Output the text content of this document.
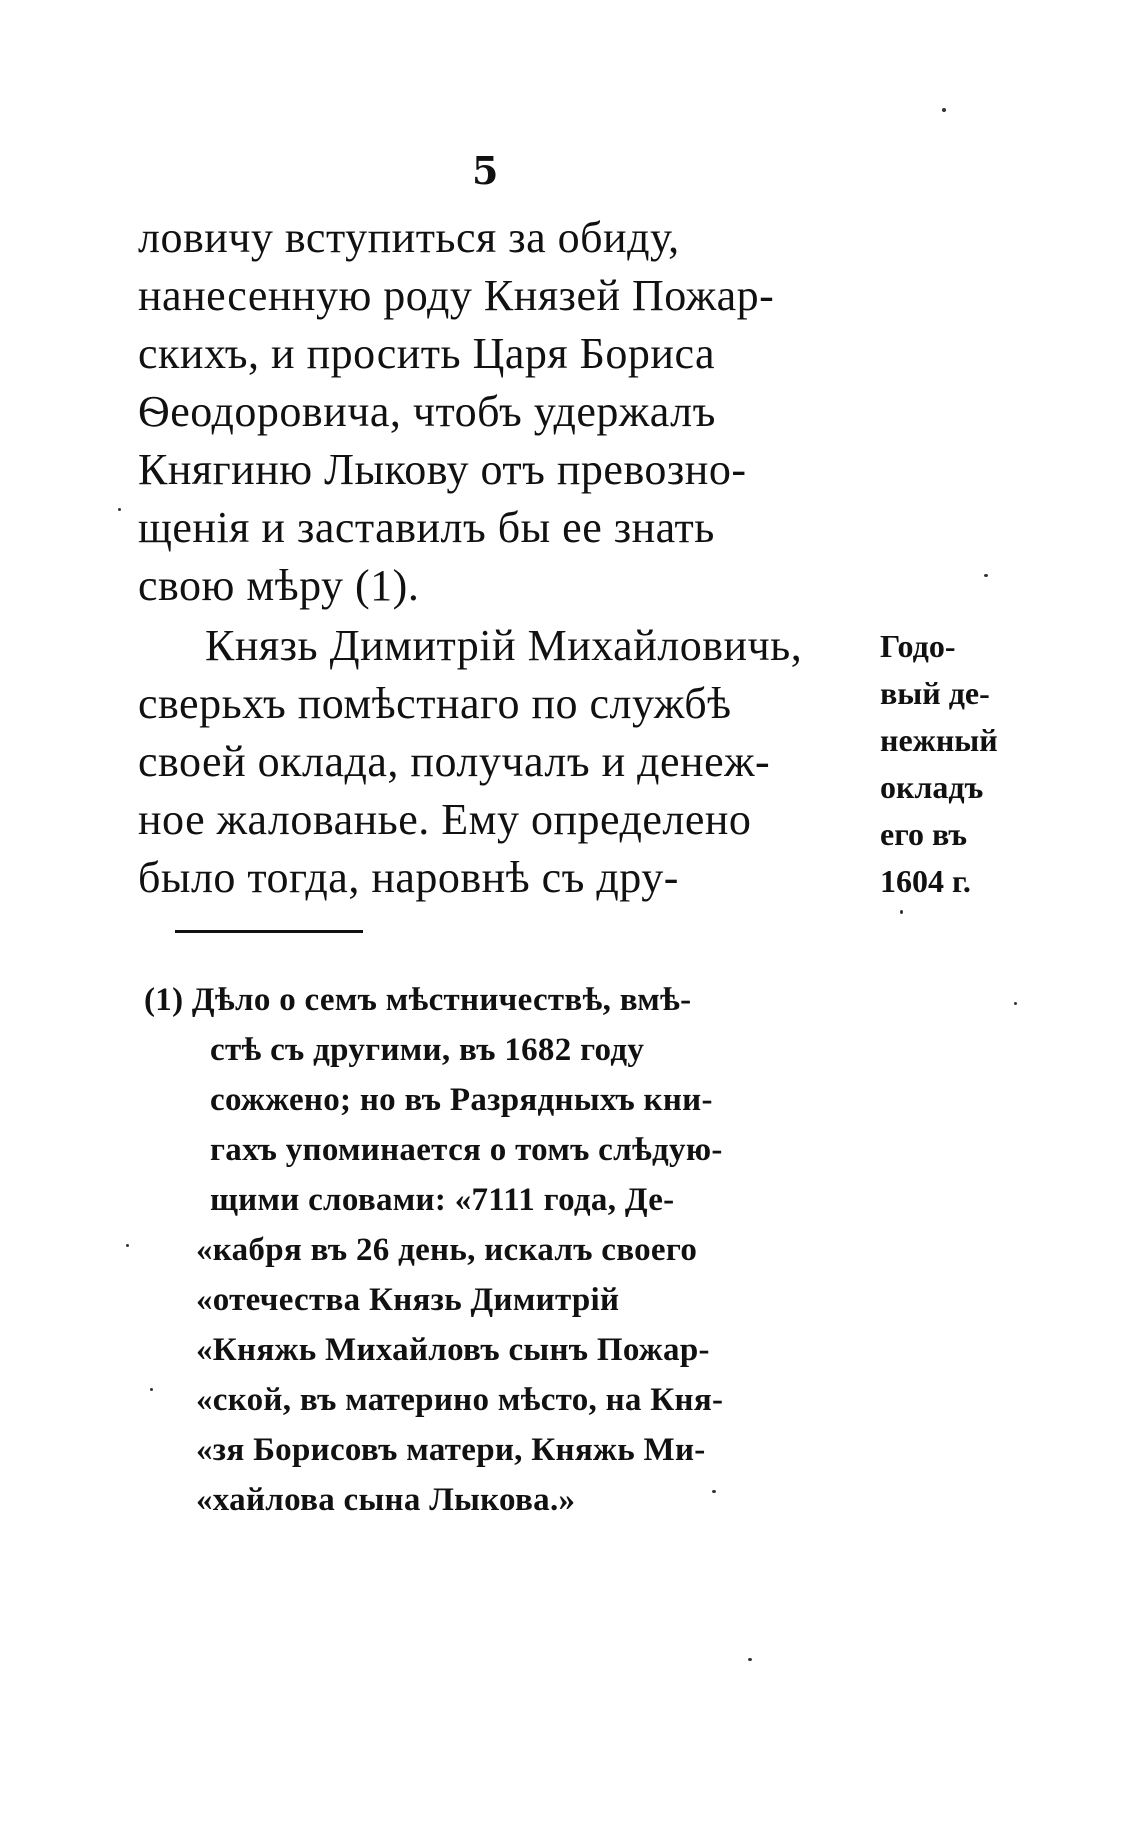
5
ловичу вступиться за обиду,
нанесенную роду Князей Пожар-
скихъ, и просить Царя Бориса
Ѳеодоровича, чтобъ удержалъ
Княгиню Лыкову отъ превозно-
щенія и заставилъ бы ее знать
свою мѣру (1).
Князь Димитрій Михайловичь,
сверьхъ помѣстнаго по службѣ
своей оклада, получалъ и денеж-
ное жалованье. Ему определено
было тогда, наровнѣ съ дру-
Годо-
вый де-
нежный
окладъ
его въ
1604 г.
(1) Дѣло о семъ мѣстничествѣ, вмѣ-
стѣ съ другими, въ 1682 году
сожжено; но въ Разрядныхъ кни-
гахъ упоминается о томъ слѣдую-
щими словами: «7111 года, Де-
«кабря въ 26 день, искалъ своего
«отечества Князь Димитрій
«Княжь Михайловъ сынъ Пожар-
«ской, въ материно мѣсто, на Кня-
«зя Борисовъ матери, Княжь Ми-
«хайлова сына Лыкова.»
